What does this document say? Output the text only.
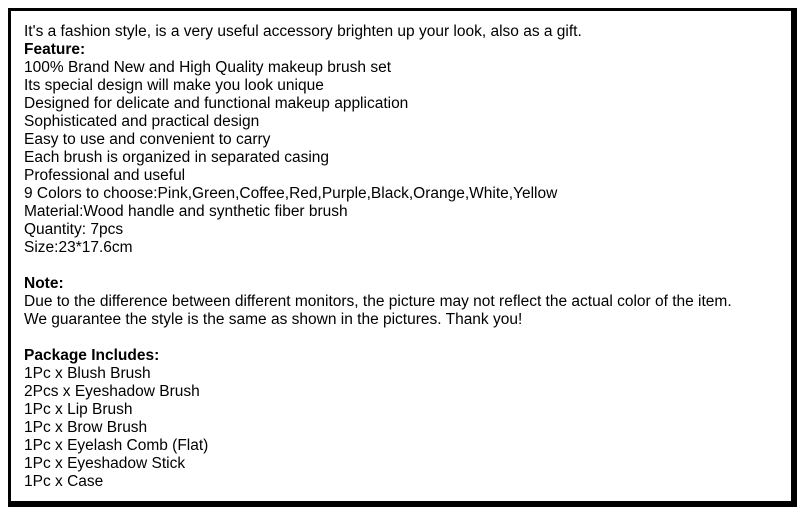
It's a fashion style, is a very useful accessory brighten up your look, also as a gift.
Feature:
100% Brand New and High Quality makeup brush set
Its special design will make you look unique
Designed for delicate and functional makeup application
Sophisticated and practical design
Easy to use and convenient to carry
Each brush is organized in separated casing
Professional and useful
9 Colors to choose:Pink,Green,Coffee,Red,Purple,Black,Orange,White,Yellow
Material:Wood handle and synthetic fiber brush
Quantity: 7pcs
Size:23*17.6cm
Note:
Due to the difference between different monitors, the picture may not reflect the actual color of the item.
We guarantee the style is the same as shown in the pictures. Thank you!
Package Includes:
1Pc x Blush Brush
2Pcs x Eyeshadow Brush
1Pc x Lip Brush
1Pc x Brow Brush
1Pc x Eyelash Comb (Flat)
1Pc x Eyeshadow Stick
1Pc x Case
